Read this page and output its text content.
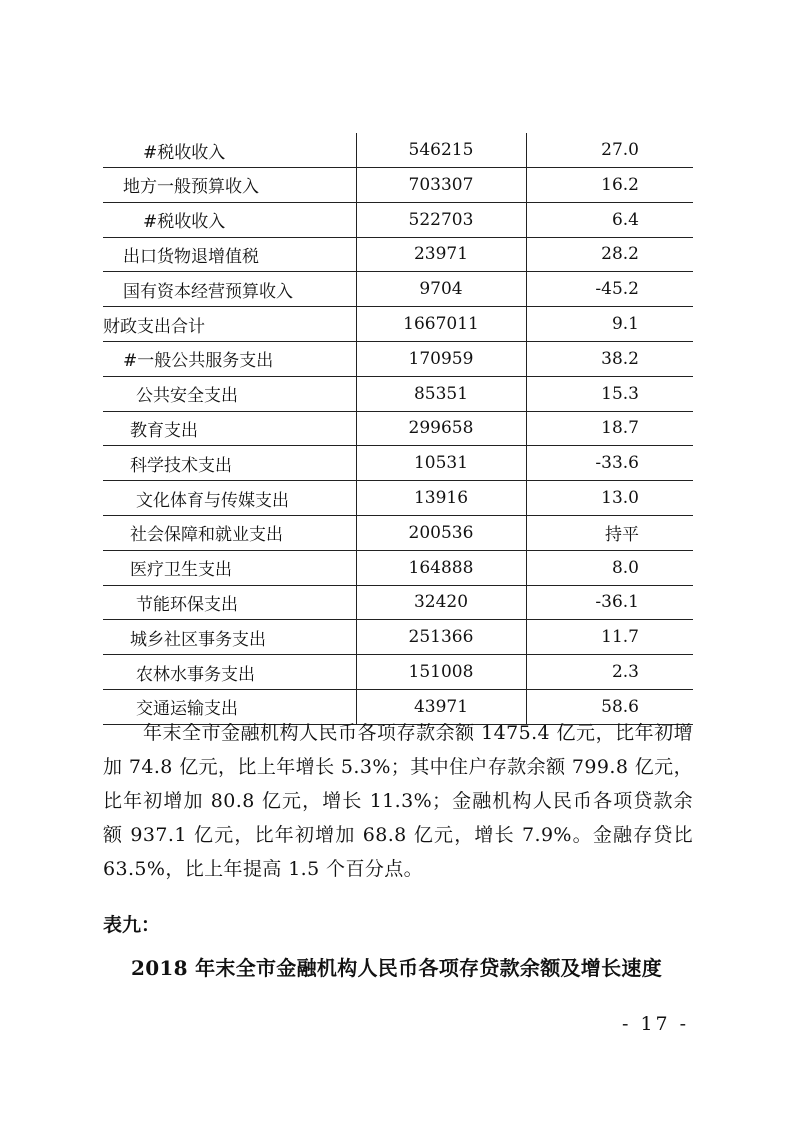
#税收收入	546215	27.0
地方一般预算收入	703307	16.2
#税收收入	522703	6.4
出口货物退增值税	23971	28.2
国有资本经营预算收入	9704	-45.2
财政支出合计	1667011	9.1
#一般公共服务支出	170959	38.2
公共安全支出	85351	15.3
教育支出	299658	18.7
科学技术支出	10531	-33.6
文化体育与传媒支出	13916	13.0
社会保障和就业支出	200536	持平
医疗卫生支出	164888	8.0
节能环保支出	32420	-36.1
城乡社区事务支出	251366	11.7
农林水事务支出	151008	2.3
交通运输支出	43971	58.6

年末全市金融机构人民币各项存款余额 1475.4 亿元，比年初增加 74.8 亿元，比上年增长 5.3%；其中住户存款余额 799.8 亿元，比年初增加 80.8 亿元，增长 11.3%；金融机构人民币各项贷款余额 937.1 亿元，比年初增加 68.8 亿元，增长 7.9%。金融存贷比 63.5%，比上年提高 1.5 个百分点。

表九：
2018 年末全市金融机构人民币各项存贷款余额及增长速度
- 17 -
